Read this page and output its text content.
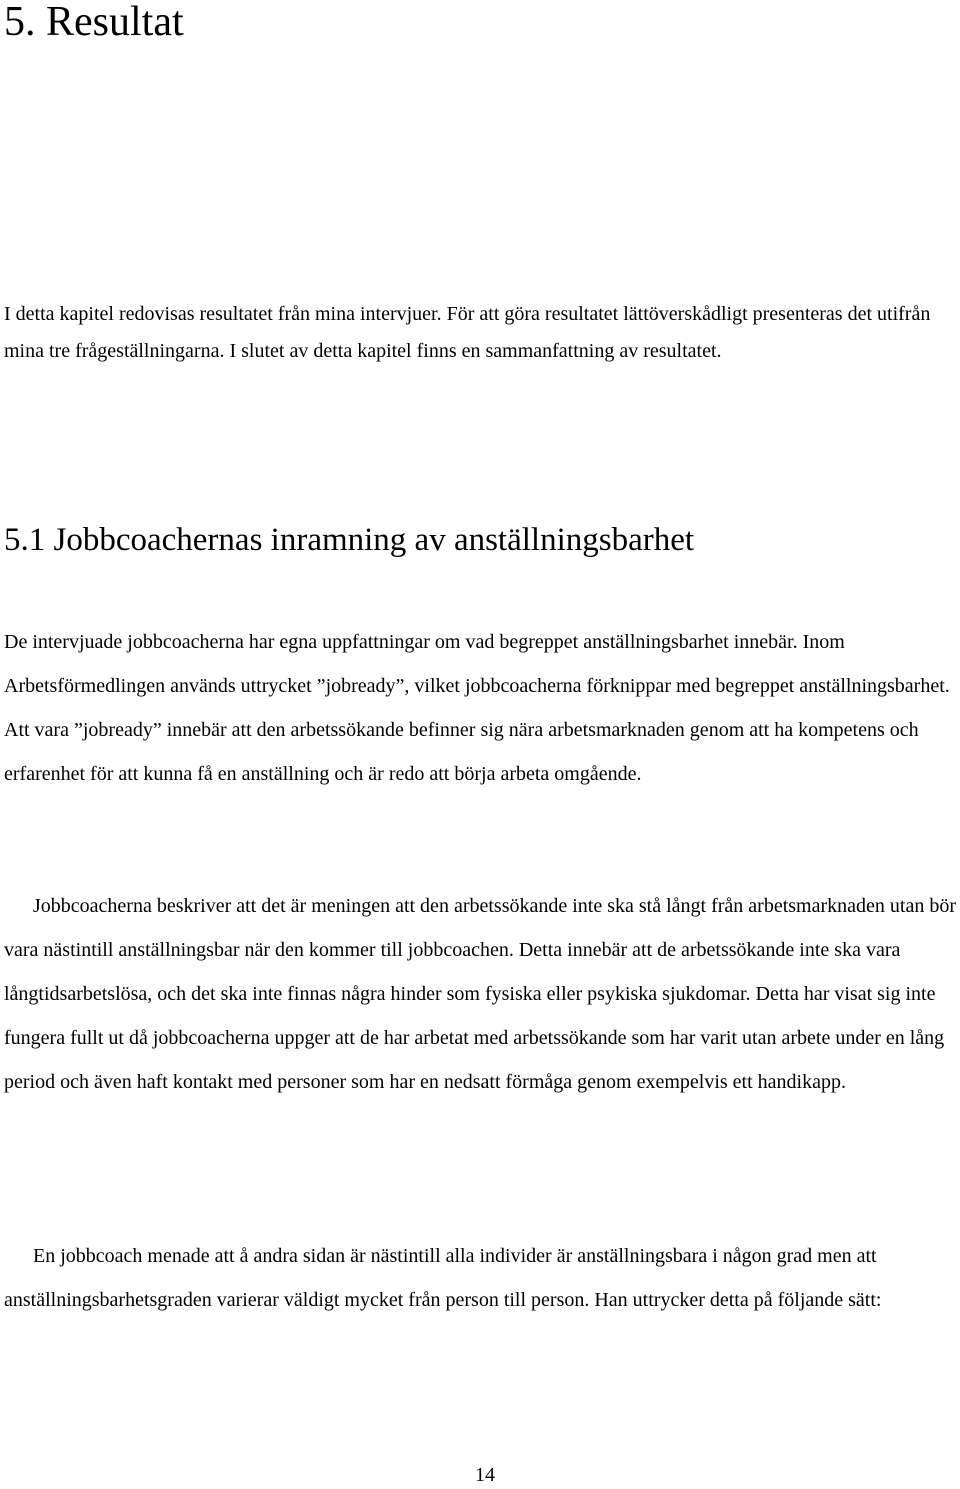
5. Resultat

I detta kapitel redovisas resultatet från mina intervjuer. För att göra resultatet lättöverskådligt presenteras det utifrån mina tre frågeställningarna. I slutet av detta kapitel finns en sammanfattning av resultatet.

5.1 Jobbcoachernas inramning av anställningsbarhet

De intervjuade jobbcoacherna har egna uppfattningar om vad begreppet anställningsbarhet innebär. Inom Arbetsförmedlingen används uttrycket ”jobready”, vilket jobbcoacherna förknippar med begreppet anställningsbarhet. Att vara ”jobready” innebär att den arbetssökande befinner sig nära arbetsmarknaden genom att ha kompetens och erfarenhet för att kunna få en anställning och är redo att börja arbeta omgående.

Jobbcoacherna beskriver att det är meningen att den arbetssökande inte ska stå långt från arbetsmarknaden utan bör vara nästintill anställningsbar när den kommer till jobbcoachen. Detta innebär att de arbetssökande inte ska vara långtidsarbetslösa, och det ska inte finnas några hinder som fysiska eller psykiska sjukdomar. Detta har visat sig inte fungera fullt ut då jobbcoacherna uppger att de har arbetat med arbetssökande som har varit utan arbete under en lång period och även haft kontakt med personer som har en nedsatt förmåga genom exempelvis ett handikapp.

En jobbcoach menade att å andra sidan är nästintill alla individer är anställningsbara i någon grad men att anställningsbarhetsgraden varierar väldigt mycket från person till person. Han uttrycker detta på följande sätt:

14
